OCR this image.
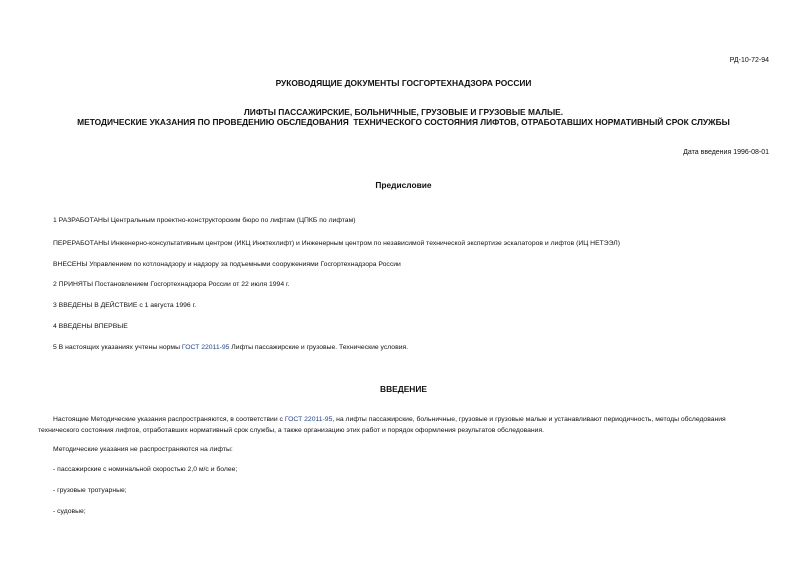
РД-10-72-94
РУКОВОДЯЩИЕ ДОКУМЕНТЫ ГОСГОРТЕХНАДЗОРА РОССИИ
ЛИФТЫ ПАССАЖИРСКИЕ, БОЛЬНИЧНЫЕ, ГРУЗОВЫЕ И ГРУЗОВЫЕ МАЛЫЕ.
МЕТОДИЧЕСКИЕ УКАЗАНИЯ ПО ПРОВЕДЕНИЮ ОБСЛЕДОВАНИЯ  ТЕХНИЧЕСКОГО СОСТОЯНИЯ ЛИФТОВ, ОТРАБОТАВШИХ НОРМАТИВНЫЙ СРОК СЛУЖБЫ
Дата введения 1996-08-01
Предисловие
1 РАЗРАБОТАНЫ Центральным проектно-конструкторским бюро по лифтам (ЦПКБ по лифтам)
ПЕРЕРАБОТАНЫ Инженерно-консультативным центром (ИКЦ Инжтехлифт) и Инженерным центром по независимой технической экспертизе эскалаторов и лифтов (ИЦ НЕТЭЭЛ)
ВНЕСЕНЫ Управлением по котлонадзору и надзору за подъемными сооружениями Госгортехнадзора России
2 ПРИНЯТЫ Постановлением Госгортехнадзора России от 22 июля 1994 г.
3 ВВЕДЕНЫ В ДЕЙСТВИЕ с 1 августа 1996 г.
4 ВВЕДЕНЫ ВПЕРВЫЕ
5 В настоящих указаниях учтены нормы ГОСТ 22011-95 Лифты пассажирские и грузовые. Технические условия.
ВВЕДЕНИЕ
Настоящие Методические указания распространяются, в соответствии с ГОСТ 22011-95, на лифты пассажирские, больничные, грузовые и грузовые малые и устанавливают периодичность, методы обследования технического состояния лифтов, отработавших нормативный срок службы, а также организацию этих работ и порядок оформления результатов обследования.
Методические указания не распространяются на лифты:
- пассажирские с номинальной скоростью 2,0 м/с и более;
- грузовые тротуарные;
- судовые;
